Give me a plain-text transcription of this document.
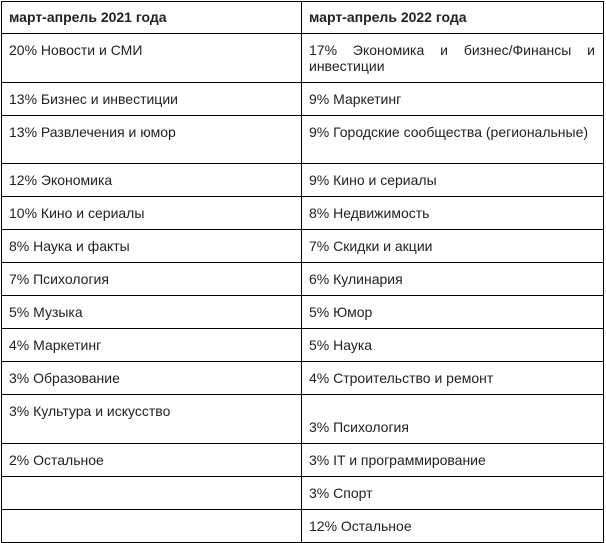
март-апрель 2021 года	март-апрель 2022 года
20% Новости и СМИ	17% Экономика и бизнес/Финансы и инвестиции
13% Бизнес и инвестиции	9% Маркетинг
13% Развлечения и юмор	9% Городские сообщества (региональные)
12% Экономика	9% Кино и сериалы
10% Кино и сериалы	8% Недвижимость
8% Наука и факты	7% Скидки и акции
7% Психология	6% Кулинария
5% Музыка	5% Юмор
4% Маркетинг	5% Наука
3% Образование	4% Строительство и ремонт
3% Культура и искусство	3% Психология
2% Остальное	3% IT и программирование
	3% Спорт
	12% Остальное
